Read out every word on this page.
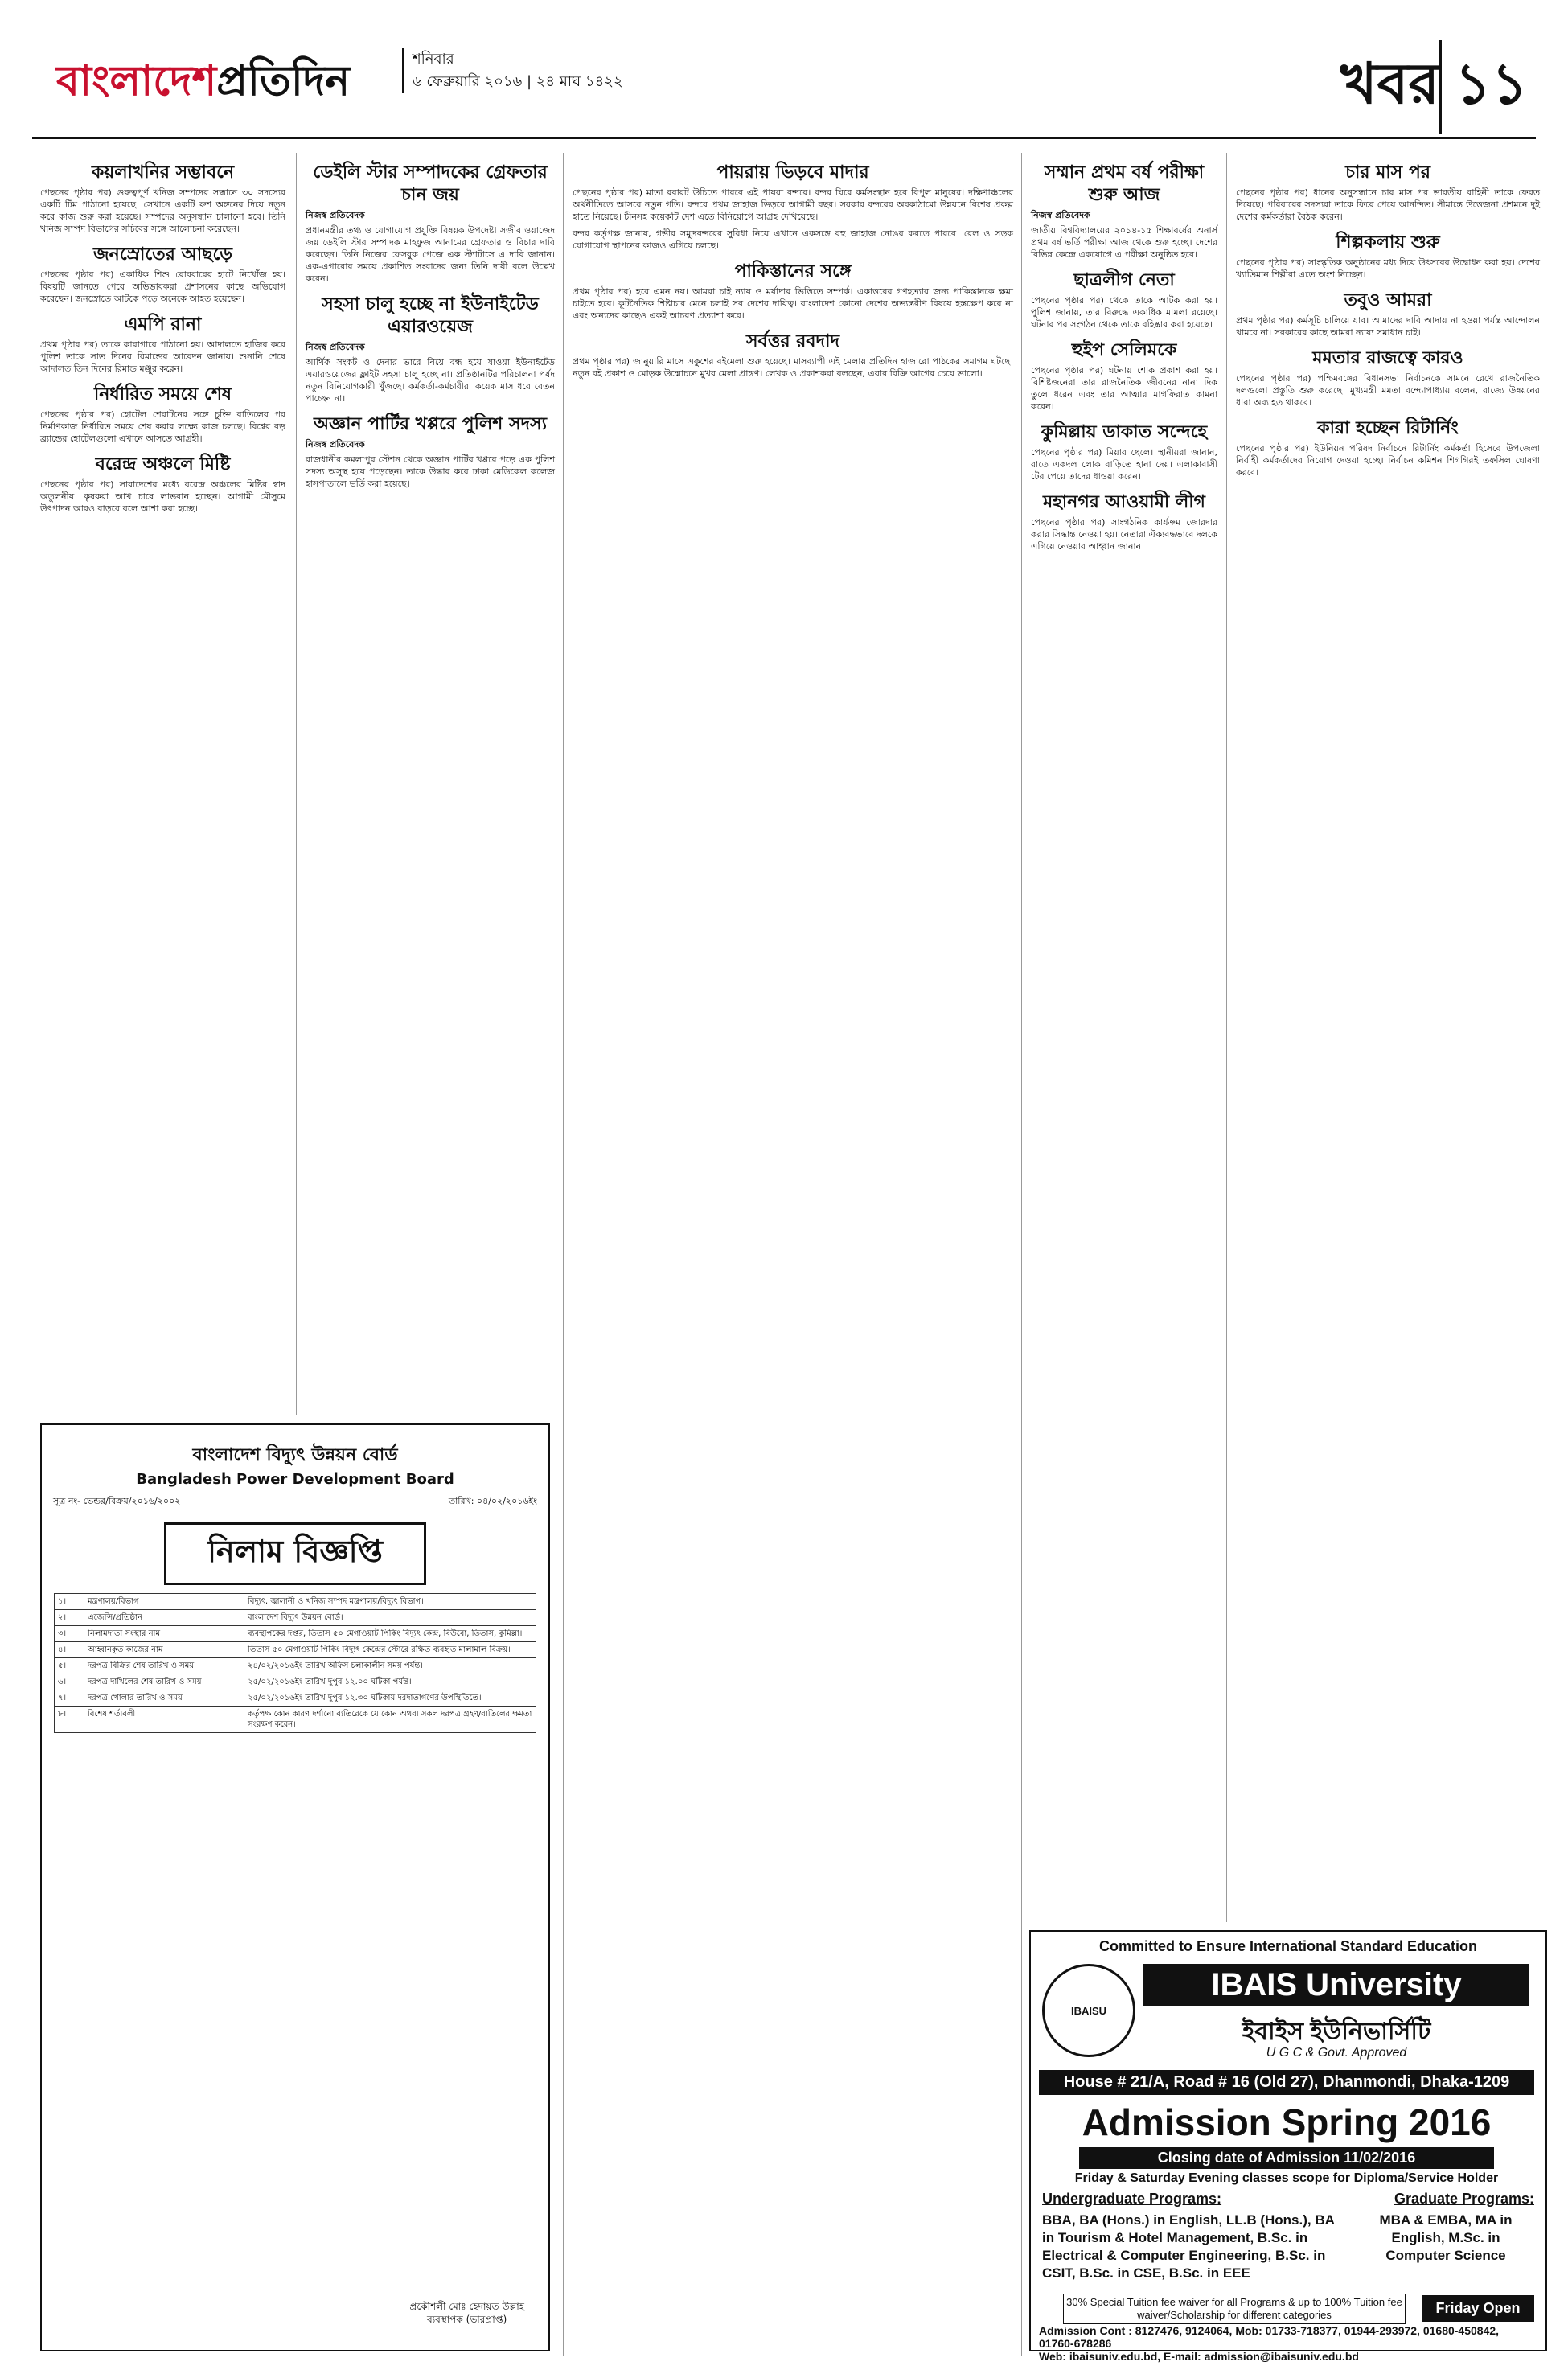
বাংলাদেশপ্রতিদিন	শনিবার
৬ ফেব্রুয়ারি ২০১৬ | ২৪ মাঘ ১৪২২	খবর ১১
কয়লাখনির সম্ভাবনে

পেছনের পৃষ্ঠার পর) গুরুত্বপূর্ণ খনিজ সম্পদের সন্ধানে ৩০ সদস্যের একটি টিম পাঠানো হয়েছে। সেখানে একটি রুশ অঙ্গনের দিয়ে নতুন করে কাজ শুরু করা হয়েছে। সম্পদের অনুসন্ধান চালানো হবে। তিনি খনিজ সম্পদ বিভাগের সচিবের সঙ্গে আলোচনা করেছেন।

জনস্রোতের আছড়ে

পেছনের পৃষ্ঠার পর) একাধিক শিশু রোববারের হাটে নিখোঁজ হয়। বিষয়টি জানতে পেরে অভিভাবকরা প্রশাসনের কাছে অভিযোগ করেছেন। জনস্রোতে আটকে পড়ে অনেকে আহত হয়েছেন।

এমপি রানা

প্রথম পৃষ্ঠার পর) তাকে কারাগারে পাঠানো হয়। আদালতে হাজির করে পুলিশ তাকে সাত দিনের রিমান্ডের আবেদন জানায়। শুনানি শেষে আদালত তিন দিনের রিমান্ড মঞ্জুর করেন।

নির্ধারিত সময়ে শেষ

পেছনের পৃষ্ঠার পর) হোটেল শেরাটনের সঙ্গে চুক্তি বাতিলের পর নির্মাণকাজ নির্ধারিত সময়ে শেষ করার লক্ষ্যে কাজ চলছে। বিশ্বের বড় ব্র্যান্ডের হোটেলগুলো এখানে আসতে আগ্রহী।

বরেন্দ্র অঞ্চলে মিষ্টি

পেছনের পৃষ্ঠার পর) সারাদেশের মধ্যে বরেন্দ্র অঞ্চলের মিষ্টির স্বাদ অতুলনীয়। কৃষকরা আখ চাষে লাভবান হচ্ছেন। আগামী মৌসুমে উৎপাদন আরও বাড়বে বলে আশা করা হচ্ছে।

ডেইলি স্টার সম্পাদকের গ্রেফতার চান জয়
নিজস্ব প্রতিবেদক

প্রধানমন্ত্রীর তথ্য ও যোগাযোগ প্রযুক্তি বিষয়ক উপদেষ্টা সজীব ওয়াজেদ জয় ডেইলি স্টার সম্পাদক মাহফুজ আনামের গ্রেফতার ও বিচার দাবি করেছেন। তিনি নিজের ফেসবুক পেজে এক স্ট্যাটাসে এ দাবি জানান। এক-এগারোর সময়ে প্রকাশিত সংবাদের জন্য তিনি দায়ী বলে উল্লেখ করেন।

সহসা চালু হচ্ছে না ইউনাইটেড এয়ারওয়েজ
নিজস্ব প্রতিবেদক

আর্থিক সংকট ও দেনার ভারে নিয়ে বন্ধ হয়ে যাওয়া ইউনাইটেড এয়ারওয়েজের ফ্লাইট সহসা চালু হচ্ছে না। প্রতিষ্ঠানটির পরিচালনা পর্ষদ নতুন বিনিয়োগকারী খুঁজছে। কর্মকর্তা-কর্মচারীরা কয়েক মাস ধরে বেতন পাচ্ছেন না।

অজ্ঞান পার্টির খপ্পরে পুলিশ সদস্য
নিজস্ব প্রতিবেদক

রাজধানীর কমলাপুর স্টেশন থেকে অজ্ঞান পার্টির খপ্পরে পড়ে এক পুলিশ সদস্য অসুস্থ হয়ে পড়েছেন। তাকে উদ্ধার করে ঢাকা মেডিকেল কলেজ হাসপাতালে ভর্তি করা হয়েছে।

পায়রায় ভিড়বে মাদার

পেছনের পৃষ্ঠার পর) মাতা রবারট উচিতে পারবে এই পায়রা বন্দরে। বন্দর ঘিরে কর্মসংস্থান হবে বিপুল মানুষের। দক্ষিণাঞ্চলের অর্থনীতিতে আসবে নতুন গতি। বন্দরে প্রথম জাহাজ ভিড়বে আগামী বছর। সরকার বন্দরের অবকাঠামো উন্নয়নে বিশেষ প্রকল্প হাতে নিয়েছে। চীনসহ কয়েকটি দেশ এতে বিনিয়োগে আগ্রহ দেখিয়েছে।

বন্দর কর্তৃপক্ষ জানায়, গভীর সমুদ্রবন্দরের সুবিধা নিয়ে এখানে একসঙ্গে বহু জাহাজ নোঙর করতে পারবে। রেল ও সড়ক যোগাযোগ স্থাপনের কাজও এগিয়ে চলছে।

পাকিস্তানের সঙ্গে

প্রথম পৃষ্ঠার পর) হবে এমন নয়। আমরা চাই ন্যায় ও মর্যাদার ভিত্তিতে সম্পর্ক। একাত্তরের গণহত্যার জন্য পাকিস্তানকে ক্ষমা চাইতে হবে। কূটনৈতিক শিষ্টাচার মেনে চলাই সব দেশের দায়িত্ব। বাংলাদেশ কোনো দেশের অভ্যন্তরীণ বিষয়ে হস্তক্ষেপ করে না এবং অন্যদের কাছেও একই আচরণ প্রত্যাশা করে।

সর্বত্তর রবদাদ

প্রথম পৃষ্ঠার পর) জানুয়ারি মাসে একুশের বইমেলা শুরু হয়েছে। মাসব্যাপী এই মেলায় প্রতিদিন হাজারো পাঠকের সমাগম ঘটছে। নতুন বই প্রকাশ ও মোড়ক উন্মোচনে মুখর মেলা প্রাঙ্গণ। লেখক ও প্রকাশকরা বলছেন, এবার বিক্রি আগের চেয়ে ভালো।

সম্মান প্রথম বর্ষ পরীক্ষা শুরু আজ
নিজস্ব প্রতিবেদক

জাতীয় বিশ্ববিদ্যালয়ের ২০১৪-১৫ শিক্ষাবর্ষের অনার্স প্রথম বর্ষ ভর্তি পরীক্ষা আজ থেকে শুরু হচ্ছে। দেশের বিভিন্ন কেন্দ্রে একযোগে এ পরীক্ষা অনুষ্ঠিত হবে।

ছাত্রলীগ নেতা

পেছনের পৃষ্ঠার পর) থেকে তাকে আটক করা হয়। পুলিশ জানায়, তার বিরুদ্ধে একাধিক মামলা রয়েছে। ঘটনার পর সংগঠন থেকে তাকে বহিষ্কার করা হয়েছে।

হুইপ সেলিমকে

পেছনের পৃষ্ঠার পর) ঘটনায় শোক প্রকাশ করা হয়। বিশিষ্টজনেরা তার রাজনৈতিক জীবনের নানা দিক তুলে ধরেন এবং তার আত্মার মাগফিরাত কামনা করেন।

কুমিল্লায় ডাকাত সন্দেহে

পেছনের পৃষ্ঠার পর) মিয়ার ছেলে। স্থানীয়রা জানান, রাতে একদল লোক বাড়িতে হানা দেয়। এলাকাবাসী টের পেয়ে তাদের ধাওয়া করেন।

মহানগর আওয়ামী লীগ

পেছনের পৃষ্ঠার পর) সাংগঠনিক কার্যক্রম জোরদার করার সিদ্ধান্ত নেওয়া হয়। নেতারা ঐক্যবদ্ধভাবে দলকে এগিয়ে নেওয়ার আহ্বান জানান।

চার মাস পর

পেছনের পৃষ্ঠার পর) ধানের অনুসন্ধানে চার মাস পর ভারতীয় বাহিনী তাকে ফেরত দিয়েছে। পরিবারের সদস্যরা তাকে ফিরে পেয়ে আনন্দিত। সীমান্তে উত্তেজনা প্রশমনে দুই দেশের কর্মকর্তারা বৈঠক করেন।

শিল্পকলায় শুরু

পেছনের পৃষ্ঠার পর) সাংস্কৃতিক অনুষ্ঠানের মধ্য দিয়ে উৎসবের উদ্বোধন করা হয়। দেশের খ্যাতিমান শিল্পীরা এতে অংশ নিচ্ছেন।

তবুও আমরা

প্রথম পৃষ্ঠার পর) কর্মসূচি চালিয়ে যাব। আমাদের দাবি আদায় না হওয়া পর্যন্ত আন্দোলন থামবে না। সরকারের কাছে আমরা ন্যায্য সমাধান চাই।

মমতার রাজত্বে কারও

পেছনের পৃষ্ঠার পর) পশ্চিমবঙ্গের বিধানসভা নির্বাচনকে সামনে রেখে রাজনৈতিক দলগুলো প্রস্তুতি শুরু করেছে। মুখ্যমন্ত্রী মমতা বন্দ্যোপাধ্যায় বলেন, রাজ্যে উন্নয়নের ধারা অব্যাহত থাকবে।

কারা হচ্ছেন রিটার্নিং

পেছনের পৃষ্ঠার পর) ইউনিয়ন পরিষদ নির্বাচনে রিটার্নিং কর্মকর্তা হিসেবে উপজেলা নির্বাহী কর্মকর্তাদের নিয়োগ দেওয়া হচ্ছে। নির্বাচন কমিশন শিগগিরই তফসিল ঘোষণা করবে।

বাংলাদেশ বিদ্যুৎ উন্নয়ন বোর্ড
Bangladesh Power Development Board
সূত্র নং- ভেন্ডর/বিক্রয়/২০১৬/২০০২	তারিখ: ০৪/০২/২০১৬ইং
নিলাম বিজ্ঞপ্তি
১।	মন্ত্রণালয়/বিভাগ	বিদ্যুৎ, জ্বালানী ও খনিজ সম্পদ মন্ত্রণালয়/বিদ্যুৎ বিভাগ।
২।	এজেন্সি/প্রতিষ্ঠান	বাংলাদেশ বিদ্যুৎ উন্নয়ন বোর্ড।
৩।	নিলামদাতা সংস্থার নাম	ব্যবস্থাপকের দপ্তর, তিতাস ৫০ মেগাওয়াট পিকিং বিদ্যুৎ কেন্দ্র, বিউবো, তিতাস, কুমিল্লা।
৪।	আহ্বানকৃত কাজের নাম	তিতাস ৫০ মেগাওয়াট পিকিং বিদ্যুৎ কেন্দ্রের স্টোরে রক্ষিত ব্যবহৃত মালামাল বিক্রয়।
৫।	দরপত্র বিক্রির শেষ তারিখ ও সময়	২৪/০২/২০১৬ইং তারিখ অফিস চলাকালীন সময় পর্যন্ত।
৬।	দরপত্র দাখিলের শেষ তারিখ ও সময়	২৫/০২/২০১৬ইং তারিখ দুপুর ১২.০০ ঘটিকা পর্যন্ত।
৭।	দরপত্র খোলার তারিখ ও সময়	২৫/০২/২০১৬ইং তারিখ দুপুর ১২.৩০ ঘটিকায় দরদাতাগণের উপস্থিতিতে।
৮।	বিশেষ শর্তাবলী	কর্তৃপক্ষ কোন কারণ দর্শানো ব্যতিরেকে যে কোন অথবা সকল দরপত্র গ্রহণ/বাতিলের ক্ষমতা সংরক্ষণ করেন।
প্রকৌশলী মোঃ হেদায়ত উল্লাহ
ব্যবস্থাপক (ভারপ্রাপ্ত)
Committed to Ensure International Standard Education
IBAISU
IBAIS University
ইবাইস ইউনিভার্সিটি
U G C & Govt. Approved
House # 21/A, Road # 16 (Old 27), Dhanmondi, Dhaka-1209
Admission Spring 2016
Closing date of Admission 11/02/2016
Friday & Saturday Evening classes scope for Diploma/Service Holder
Undergraduate Programs:	Graduate Programs:
BBA, BA (Hons.) in English, LL.B (Hons.), BA in Tourism & Hotel Management, B.Sc. in Electrical & Computer Engineering, B.Sc. in CSIT, B.Sc. in CSE, B.Sc. in EEE
MBA & EMBA, MA in English, M.Sc. in Computer Science
30% Special Tuition fee waiver for all Programs & up to 100% Tuition fee waiver/Scholarship for different categories	Friday Open
Admission Cont : 8127476, 9124064, Mob: 01733-718377, 01944-293972, 01680-450842, 01760-678286
Web: ibaisuniv.edu.bd, E-mail: admission@ibaisuniv.edu.bd
